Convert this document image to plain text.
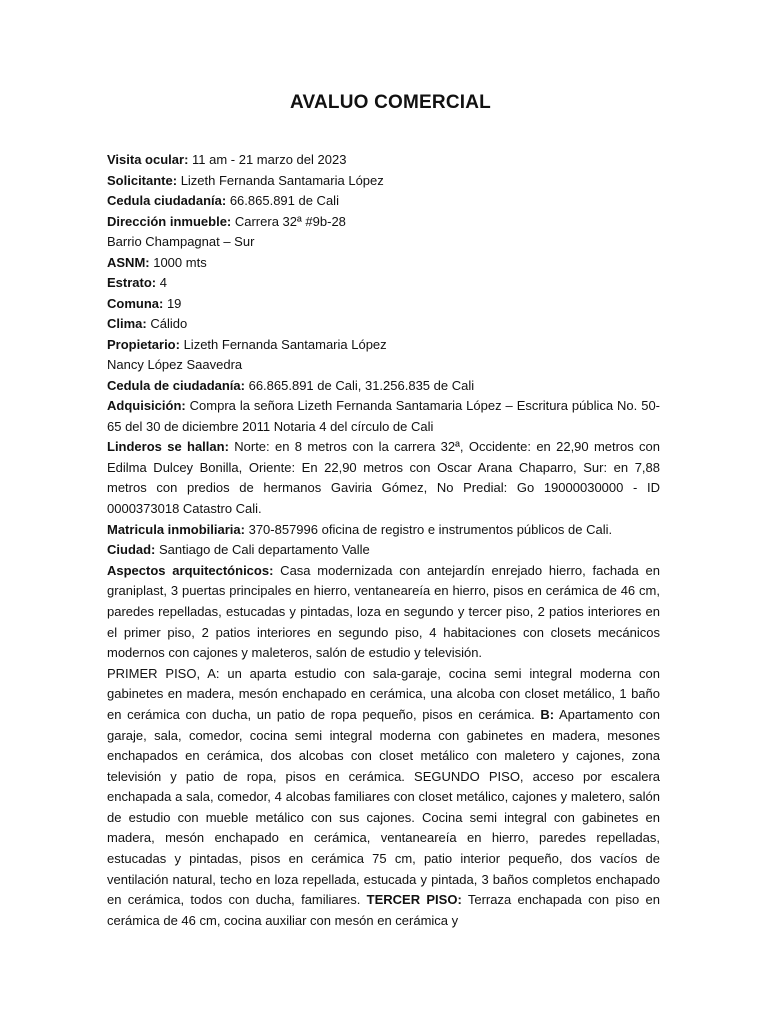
AVALUO COMERCIAL
Visita ocular: 11 am - 21 marzo del 2023
Solicitante: Lizeth Fernanda Santamaria López
Cedula ciudadanía: 66.865.891 de Cali
Dirección inmueble: Carrera 32ª #9b-28
Barrio Champagnat – Sur
ASNM: 1000 mts
Estrato: 4
Comuna: 19
Clima: Cálido
Propietario: Lizeth Fernanda Santamaria López
Nancy López Saavedra
Cedula de ciudadanía: 66.865.891 de Cali, 31.256.835 de Cali
Adquisición: Compra la señora Lizeth Fernanda Santamaria López – Escritura pública No. 50-65 del 30 de diciembre 2011 Notaria 4 del círculo de Cali
Linderos se hallan: Norte: en 8 metros con la carrera 32ª, Occidente: en 22,90 metros con Edilma Dulcey Bonilla, Oriente: En 22,90 metros con Oscar Arana Chaparro, Sur: en 7,88 metros con predios de hermanos Gaviria Gómez, No Predial: Go 19000030000 - ID 0000373018 Catastro Cali.
Matricula inmobiliaria: 370-857996 oficina de registro e instrumentos públicos de Cali.
Ciudad: Santiago de Cali departamento Valle
Aspectos arquitectónicos: Casa modernizada con antejardín enrejado hierro, fachada en graniplast, 3 puertas principales en hierro, ventaneareía en hierro, pisos en cerámica de 46 cm, paredes repelladas, estucadas y pintadas, loza en segundo y tercer piso, 2 patios interiores en el primer piso, 2 patios interiores en segundo piso, 4 habitaciones con closets mecánicos modernos con cajones y maleteros, salón de estudio y televisión.
PRIMER PISO, A: un aparta estudio con sala-garaje, cocina semi integral moderna con gabinetes en madera, mesón enchapado en cerámica, una alcoba con closet metálico, 1 baño en cerámica con ducha, un patio de ropa pequeño, pisos en cerámica. B: Apartamento con garaje, sala, comedor, cocina semi integral moderna con gabinetes en madera, mesones enchapados en cerámica, dos alcobas con closet metálico con maletero y cajones, zona televisión y patio de ropa, pisos en cerámica. SEGUNDO PISO, acceso por escalera enchapada a sala, comedor, 4 alcobas familiares con closet metálico, cajones y maletero, salón de estudio con mueble metálico con sus cajones. Cocina semi integral con gabinetes en madera, mesón enchapado en cerámica, ventaneareía en hierro, paredes repelladas, estucadas y pintadas, pisos en cerámica 75 cm, patio interior pequeño, dos vacíos de ventilación natural, techo en loza repellada, estucada y pintada, 3 baños completos enchapado en cerámica, todos con ducha, familiares. TERCER PISO: Terraza enchapada con piso en cerámica de 46 cm, cocina auxiliar con mesón en cerámica y
